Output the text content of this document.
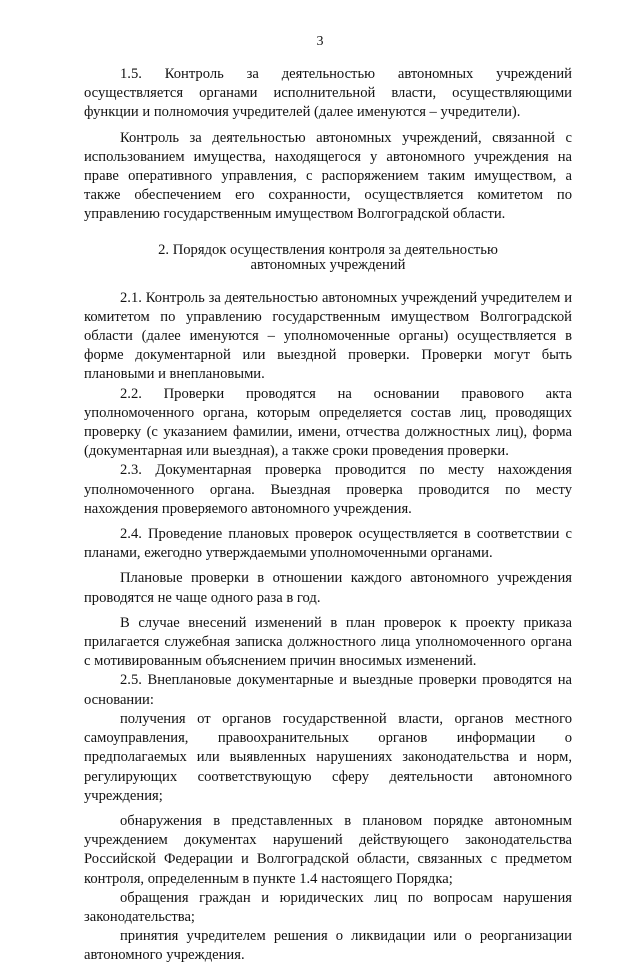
3

1.5. Контроль за деятельностью автономных учреждений осуществляется органами исполнительной власти, осуществляющими функции и полномочия учредителей (далее именуются – учредители).

Контроль за деятельностью автономных учреждений, связанной с использованием имущества, находящегося у автономного учреждения на праве оперативного управления, с распоряжением таким имуществом, а также обеспечением его сохранности, осуществляется комитетом по управлению государственным имуществом Волгоградской области.

2. Порядок осуществления контроля за деятельностью
автономных учреждений

2.1. Контроль за деятельностью автономных учреждений учредителем и комитетом по управлению государственным имуществом Волгоградской области (далее именуются – уполномоченные органы) осуществляется в форме документарной или выездной проверки. Проверки могут быть плановыми и внеплановыми.

2.2. Проверки проводятся на основании правового акта уполномоченного органа, которым определяется состав лиц, проводящих проверку (с указанием фамилии, имени, отчества должностных лиц), форма (документарная или выездная), а также сроки проведения проверки.

2.3. Документарная проверка проводится по месту нахождения уполномоченного органа. Выездная проверка проводится по месту нахождения проверяемого автономного учреждения.

2.4. Проведение плановых проверок осуществляется в соответствии с планами, ежегодно утверждаемыми уполномоченными органами.

Плановые проверки в отношении каждого автономного учреждения проводятся не чаще одного раза в год.

В случае внесений изменений в план проверок к проекту приказа прилагается служебная записка должностного лица уполномоченного органа с мотивированным объяснением причин вносимых изменений.

2.5. Внеплановые документарные и выездные проверки проводятся на основании:

получения от органов государственной власти, органов местного самоуправления, правоохранительных органов информации о предполагаемых или выявленных нарушениях законодательства и норм, регулирующих соответствующую сферу деятельности автономного учреждения;

обнаружения в представленных в плановом порядке автономным учреждением документах нарушений действующего законодательства Российской Федерации и Волгоградской области, связанных с предметом контроля, определенным в пункте 1.4 настоящего Порядка;

обращения граждан и юридических лиц по вопросам нарушения законодательства;

принятия учредителем решения о ликвидации или о реорганизации автономного учреждения.
